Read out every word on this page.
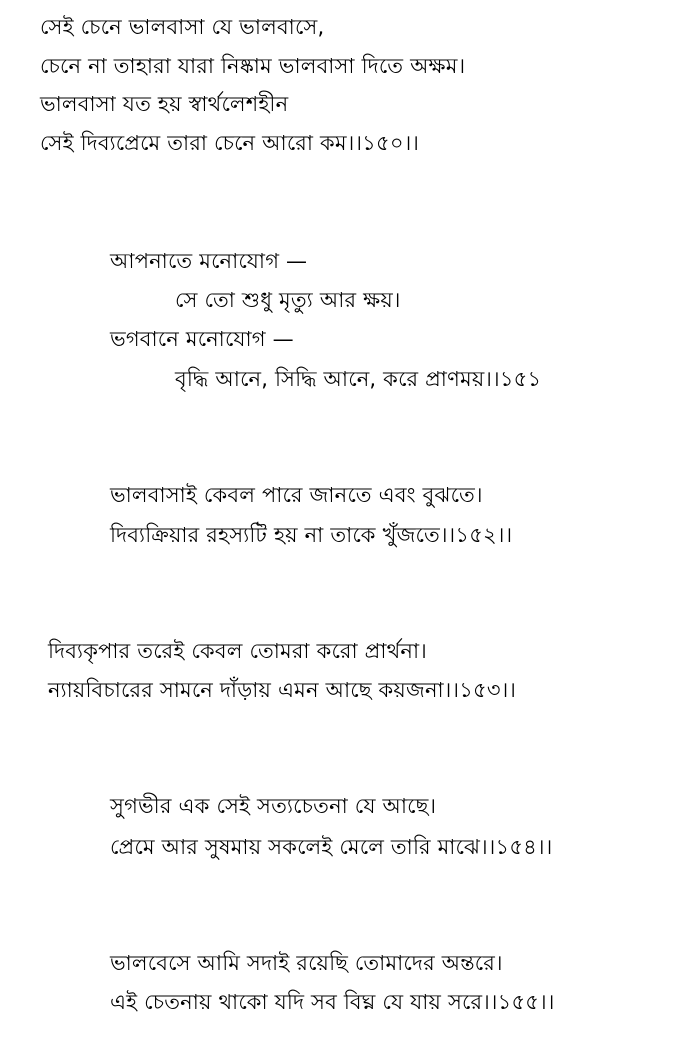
সেই চেনে ভালবাসা যে ভালবাসে,
চেনে না তাহারা যারা নিষ্কাম ভালবাসা দিতে অক্ষম।
ভালবাসা যত হয় স্বার্থলেশহীন
সেই দিব্যপ্রেমে তারা চেনে আরো কম।।১৫০।।
আপনাতে মনোযোগ —
সে তো শুধু মৃত্যু আর ক্ষয়।
ভগবানে মনোযোগ —
বৃদ্ধি আনে, সিদ্ধি আনে, করে প্রাণময়।।১৫১
ভালবাসাই কেবল পারে জানতে এবং বুঝতে।
দিব্যক্রিয়ার রহস্যটি হয় না তাকে খুঁজতে।।১৫২।।
দিব্যকৃপার তরেই কেবল তোমরা করো প্রার্থনা।
ন্যায়বিচারের সামনে দাঁড়ায় এমন আছে কয়জনা।।১৫৩।।
সুগভীর এক সেই সত্যচেতনা যে আছে।
প্রেমে আর সুষমায় সকলেই মেলে তারি মাঝে।।১৫৪।।
ভালবেসে আমি সদাই রয়েছি তোমাদের অন্তরে।
এই চেতনায় থাকো যদি সব বিঘ্ন যে যায় সরে।।১৫৫।।
